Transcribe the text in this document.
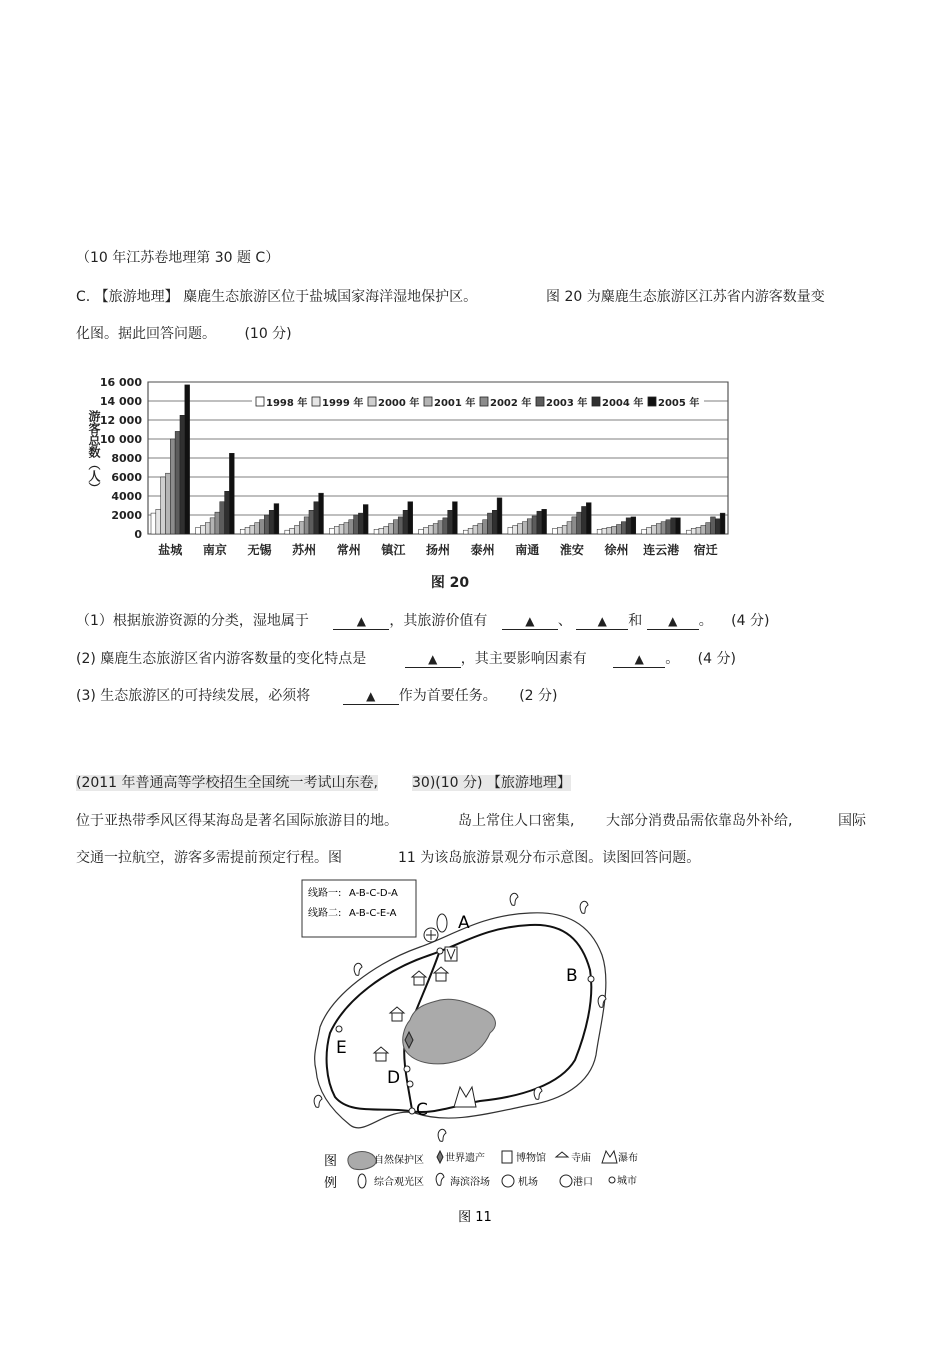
（10 年江苏卷地理第 30 题 C）
C. 【旅游地理】 麋鹿生态旅游区位于盐城国家海洋湿地保护区。	图 20 为麋鹿生态旅游区江苏省内游客数量变
化图。据此回答问题。 (10 分)
16 000
14 000
12 000
10 000
8000
6000
4000
2000
0
盐城 南京 无锡 苏州 常州 镇江 扬州 泰州 南通 淮安 徐州 连云港 宿迁
1998 年 1999 年 2000 年 2001 年 2002 年 2003 年 2004 年 2005 年
游客总数（人）
图 20
（1）根据旅游资源的分类，湿地属于	▲ ，其旅游价值有	▲ 、 ▲ 和 ▲ 。 (4 分)
(2) 麋鹿生态旅游区省内游客数量的变化特点是	▲ ，其主要影响因素有	▲ 。 (4 分)
(3) 生态旅游区的可持续发展，必须将	▲ 作为首要任务。 (2 分)
(2011 年普通高等学校招生全国统一考试山东卷, 30)(10 分) 【旅游地理】
位于亚热带季风区得某海岛是著名国际旅游目的地。	岛上常住人口密集, 大部分消费品需依靠岛外补给,	国际
交通一拉航空，游客多需提前预定行程。图	11 为该岛旅游景观分布示意图。读图回答问题。
线路一: A-B-C-D-A
线路二: A-B-C-E-A	A
B
C
D
E
图
例
自然保护区 世界遗产	博物馆	寺庙	瀑布
综合观光区	海滨浴场	机场	港口 城市
图 11
